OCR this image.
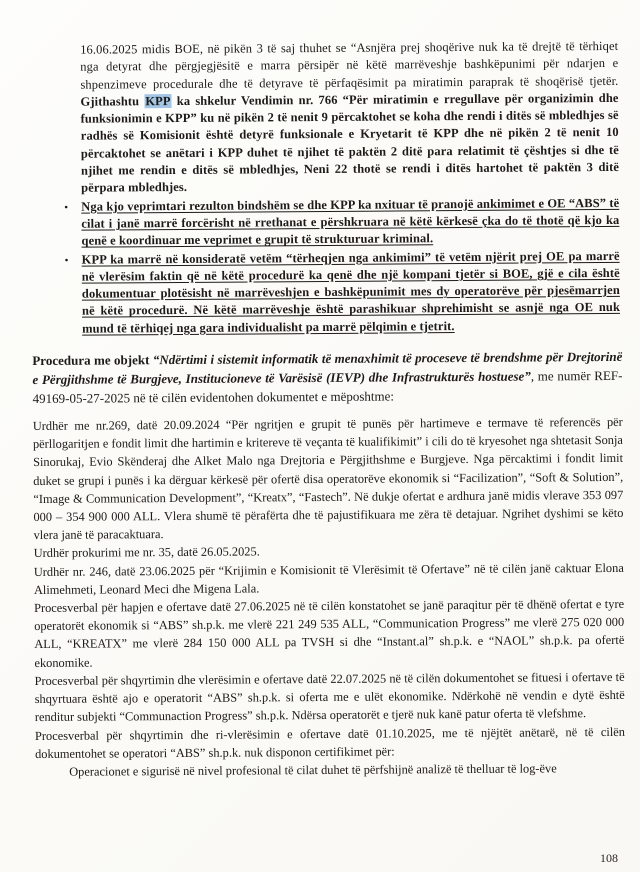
16.06.2025 midis BOE, në pikën 3 të saj thuhet se “Asnjëra prej shoqërive nuk ka të drejtë të tërhiqet nga detyrat dhe përgjegjësitë e marra përsipër në këtë marrëveshje bashkëpunimi për ndarjen e shpenzimeve procedurale dhe të detyrave të përfaqësimit pa miratimin paraprak të shoqërisë tjetër. Gjithashtu KPP ka shkelur Vendimin nr. 766 “Për miratimin e rregullave për organizimin dhe funksionimin e KPP” ku në pikën 2 të nenit 9 përcaktohet se koha dhe rendi i ditës së mbledhjes së radhës së Komisionit është detyrë funksionale e Kryetarit të KPP dhe në pikën 2 të nenit 10 përcaktohet se anëtari i KPP duhet të njihet të paktën 2 ditë para relatimit të çështjes si dhe të njihet me rendin e ditës së mbledhjes, Neni 22 thotë se rendi i ditës hartohet të paktën 3 ditë përpara mbledhjes.

• Nga kjo veprimtari rezulton bindshëm se dhe KPP ka nxituar të pranojë ankimimet e OE “ABS” të cilat i janë marrë forcërisht në rrethanat e përshkruara në këtë kërkesë çka do të thotë që kjo ka qenë e koordinuar me veprimet e grupit të strukturuar kriminal.

• KPP ka marrë në konsideratë vetëm “tërheqjen nga ankimimi” të vetëm njërit prej OE pa marrë në vlerësim faktin që në këtë procedurë ka qenë dhe një kompani tjetër si BOE, gjë e cila është dokumentuar plotësisht në marrëveshjen e bashkëpunimit mes dy operatorëve për pjesëmarrjen në këtë procedurë. Në këtë marrëveshje është parashikuar shprehimisht se asnjë nga OE nuk mund të tërhiqej nga gara individualisht pa marrë pëlqimin e tjetrit.

Procedura me objekt “Ndërtimi i sistemit informatik të menaxhimit të proceseve të brendshme për Drejtorinë e Përgjithshme të Burgjeve, Institucioneve të Varësisë (IEVP) dhe Infrastrukturës hostuese”, me numër REF-49169-05-27-2025 në të cilën evidentohen dokumentet e mëposhtme:

Urdhër me nr.269, datë 20.09.2024 “Për ngritjen e grupit të punës për hartimeve e termave të referencës për përllogaritjen e fondit limit dhe hartimin e kritereve të veçanta të kualifikimit” i cili do të kryesohet nga shtetasit Sonja Sinorukaj, Evio Skënderaj dhe Alket Malo nga Drejtoria e Përgjithshme e Burgjeve. Nga përcaktimi i fondit limit duket se grupi i punës i ka dërguar kërkesë për ofertë disa operatorëve ekonomik si “Facilization”, “Soft & Solution”, “Image & Communication Development”, “Kreatx”, “Fastech”. Në dukje ofertat e ardhura janë midis vlerave 353 097 000 – 354 900 000 ALL. Vlera shumë të përafërta dhe të pajustifikuara me zëra të detajuar. Ngrihet dyshimi se këto vlera janë të paracaktuara.

Urdhër prokurimi me nr. 35, datë 26.05.2025.

Urdhër nr. 246, datë 23.06.2025 për “Krijimin e Komisionit të Vlerësimit të Ofertave” në të cilën janë caktuar Elona Alimehmeti, Leonard Meci dhe Migena Lala.

Procesverbal për hapjen e ofertave datë 27.06.2025 në të cilën konstatohet se janë paraqitur për të dhënë ofertat e tyre operatorët ekonomik si “ABS” sh.p.k. me vlerë 221 249 535 ALL, “Communication Progress” me vlerë 275 020 000 ALL, “KREATX” me vlerë 284 150 000 ALL pa TVSH si dhe “Instant.al” sh.p.k. e “NAOL” sh.p.k. pa ofertë ekonomike.

Procesverbal për shqyrtimin dhe vlerësimin e ofertave datë 22.07.2025 në të cilën dokumentohet se fituesi i ofertave të shqyrtuara është ajo e operatorit “ABS” sh.p.k. si oferta me e ulët ekonomike. Ndërkohë në vendin e dytë është renditur subjekti “Communaction Progress” sh.p.k. Ndërsa operatorët e tjerë nuk kanë patur oferta të vlefshme.

Procesverbal për shqyrtimin dhe ri-vlerësimin e ofertave datë 01.10.2025, me të njëjtët anëtarë, në të cilën dokumentohet se operatori “ABS” sh.p.k. nuk disponon certifikimet për:

Operacionet e sigurisë në nivel profesional të cilat duhet të përfshijnë analizë të thelluar të log-ëve

108
